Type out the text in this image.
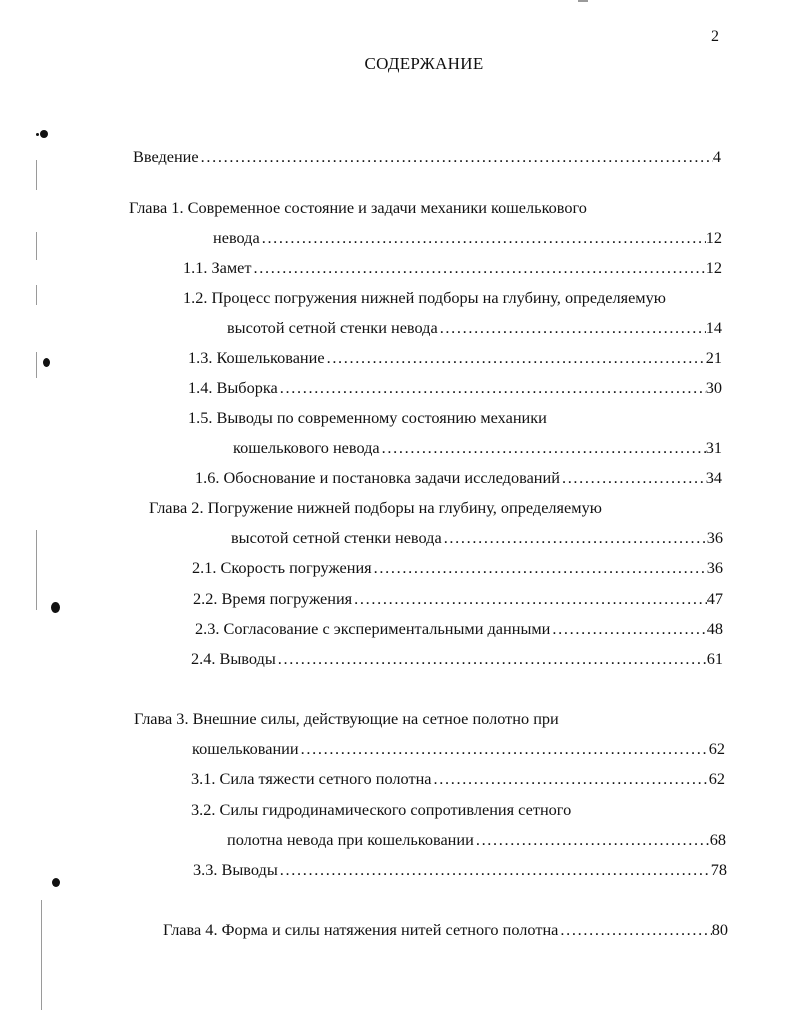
2
СОДЕРЖАНИЕ
Введение . . .	4
Глава 1. Современное состояние и задачи механики кошелькового
невода . . .	12
1.1. Замет . . .	12
1.2. Процесс погружения нижней подборы на глубину, определяемую
высотой сетной стенки невода . . .	14
1.3. Кошелькование . . .	21
1.4. Выборка . . .	30
1.5. Выводы по современному состоянию механики
кошелькового невода . . .	31
1.6. Обоснование и постановка задачи исследований . . .	34
Глава 2. Погружение нижней подборы на глубину, определяемую
высотой сетной стенки невода . . .	36
2.1. Скорость погружения . . .	36
2.2. Время погружения . . .	47
2.3. Согласование с экспериментальными данными . . .	48
2.4. Выводы . . .	61
Глава 3. Внешние силы, действующие на сетное полотно при
кошельковании . . .	62
3.1. Сила тяжести сетного полотна . . .	62
3.2. Силы гидродинамического сопротивления сетного
полотна невода при кошельковании . . .	68
3.3. Выводы . . .	78
Глава 4. Форма и силы натяжения нитей сетного полотна . . .	80
